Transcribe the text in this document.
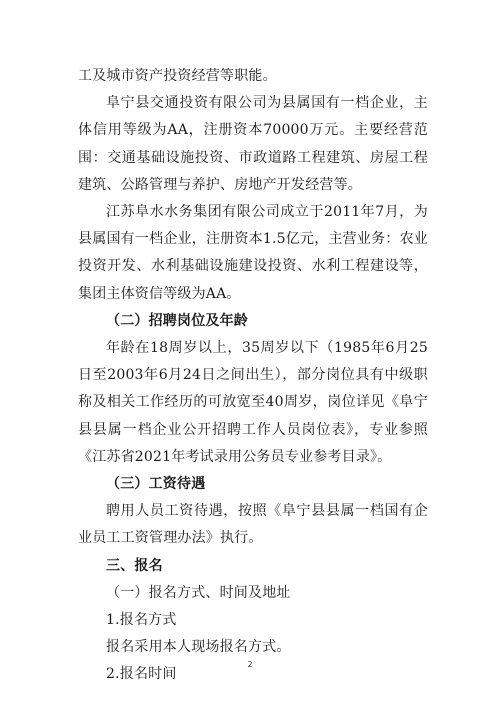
工及城市资产投资经营等职能。

阜宁县交通投资有限公司为县属国有一档企业，主体信用等级为AA，注册资本70000万元。主要经营范围：交通基础设施投资、市政道路工程建筑、房屋工程建筑、公路管理与养护、房地产开发经营等。

江苏阜水水务集团有限公司成立于2011年7月，为县属国有一档企业，注册资本1.5亿元，主营业务：农业投资开发、水利基础设施建设投资、水利工程建设等，集团主体资信等级为AA。

（二）招聘岗位及年龄

年龄在18周岁以上，35周岁以下（1985年6月25日至2003年6月24日之间出生），部分岗位具有中级职称及相关工作经历的可放宽至40周岁，岗位详见《阜宁县县属一档企业公开招聘工作人员岗位表》，专业参照《江苏省2021年考试录用公务员专业参考目录》。

（三）工资待遇

聘用人员工资待遇，按照《阜宁县县属一档国有企业员工工资管理办法》执行。

三、报名

（一）报名方式、时间及地址

1.报名方式

报名采用本人现场报名方式。

2.报名时间

2
